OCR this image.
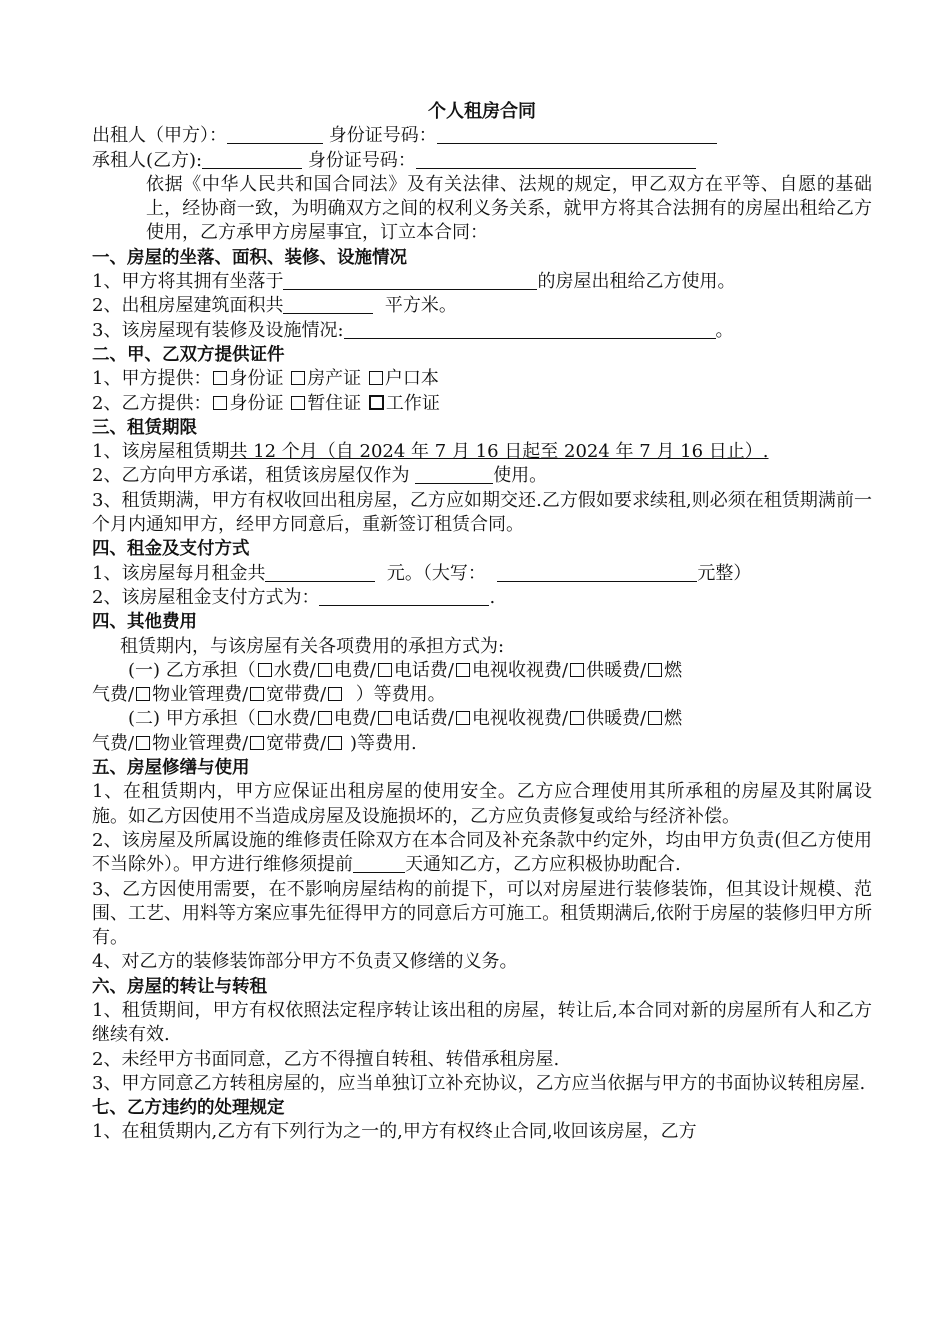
个人租房合同
出租人（甲方）：	身份证号码：
承租人(乙方):	身份证号码：
依据《中华人民共和国合同法》及有关法律、法规的规定，甲乙双方在平等、自愿的基础上，经协商一致，为明确双方之间的权利义务关系，就甲方将其合法拥有的房屋出租给乙方使用，乙方承甲方房屋事宜，订立本合同：
一、房屋的坐落、面积、装修、设施情况
1、甲方将其拥有坐落于	的房屋出租给乙方使用。
2、出租房屋建筑面积共	平方米。
3、该房屋现有装修及设施情况:	。
二、甲、乙双方提供证件
1、甲方提供： 身份证 房产证 户口本
2、乙方提供： 身份证 暂住证 工作证
三、租赁期限
1、该房屋租赁期共 12 个月（自 2024 年 7 月 16 日起至 2024 年 7 月 16 日止）.
2、乙方向甲方承诺，租赁该房屋仅作为	使用。
3、租赁期满，甲方有权收回出租房屋，乙方应如期交还.乙方假如要求续租,则必须在租赁期满前一个月内通知甲方，经甲方同意后，重新签订租赁合同。
四、租金及支付方式
1、该房屋每月租金共	元。（大写：	元整）
2、该房屋租金支付方式为：	.
四、其他费用
租赁期内，与该房屋有关各项费用的承担方式为:
(一) 乙方承担（ 水费/ 电费/ 电话费/ 电视收视费/ 供暖费/ 燃
气费/ 物业管理费/ 宽带费/ ）等费用。
(二) 甲方承担（ 水费/ 电费/ 电话费/ 电视收视费/ 供暖费/ 燃
气费/ 物业管理费/ 宽带费/ )等费用.
五、房屋修缮与使用
1、在租赁期内，甲方应保证出租房屋的使用安全。乙方应合理使用其所承租的房屋及其附属设施。如乙方因使用不当造成房屋及设施损坏的，乙方应负责修复或给与经济补偿。
2、该房屋及所属设施的维修责任除双方在本合同及补充条款中约定外，均由甲方负责(但乙方使用不当除外）。甲方进行维修须提前	天通知乙方，乙方应积极协助配合.
3、乙方因使用需要，在不影响房屋结构的前提下，可以对房屋进行装修装饰，但其设计规模、范围、工艺、用料等方案应事先征得甲方的同意后方可施工。租赁期满后,依附于房屋的装修归甲方所有。
4、对乙方的装修装饰部分甲方不负责又修缮的义务。
六、房屋的转让与转租
1、租赁期间，甲方有权依照法定程序转让该出租的房屋，转让后,本合同对新的房屋所有人和乙方继续有效.
2、未经甲方书面同意，乙方不得擅自转租、转借承租房屋.
3、甲方同意乙方转租房屋的，应当单独订立补充协议，乙方应当依据与甲方的书面协议转租房屋.
七、乙方违约的处理规定
1、在租赁期内,乙方有下列行为之一的,甲方有权终止合同,收回该房屋，乙方
